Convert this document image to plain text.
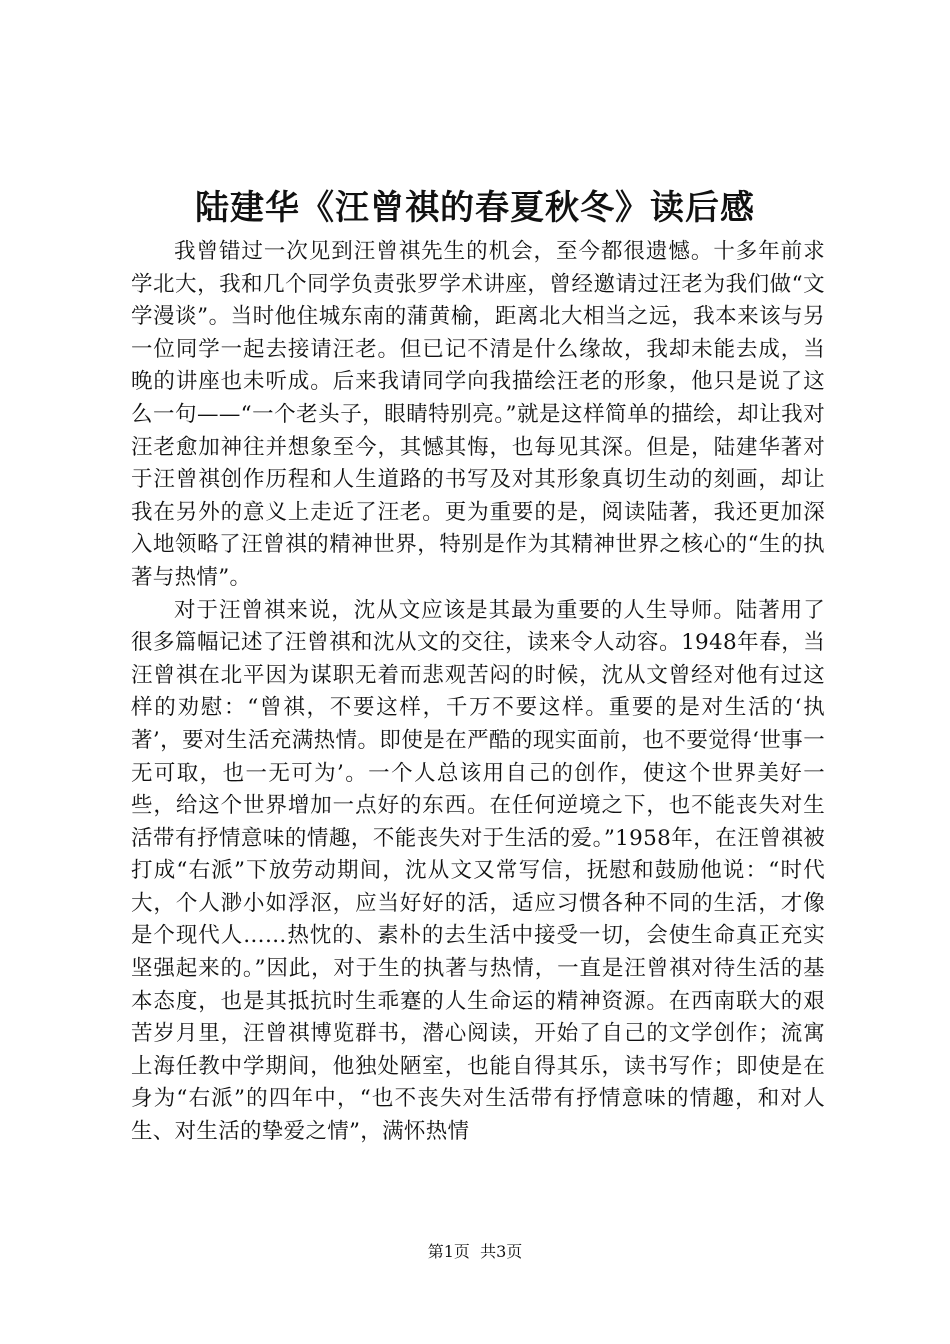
陆建华《汪曾祺的春夏秋冬》读后感

我曾错过一次见到汪曾祺先生的机会，至今都很遗憾。十多年前求学北大，我和几个同学负责张罗学术讲座，曾经邀请过汪老为我们做“文学漫谈”。当时他住城东南的蒲黄榆，距离北大相当之远，我本来该与另一位同学一起去接请汪老。但已记不清是什么缘故，我却未能去成，当晚的讲座也未听成。后来我请同学向我描绘汪老的形象，他只是说了这么一句——“一个老头子，眼睛特别亮。”就是这样简单的描绘，却让我对汪老愈加神往并想象至今，其憾其悔，也每见其深。但是，陆建华著对于汪曾祺创作历程和人生道路的书写及对其形象真切生动的刻画，却让我在另外的意义上走近了汪老。更为重要的是，阅读陆著，我还更加深入地领略了汪曾祺的精神世界，特别是作为其精神世界之核心的“生的执著与热情”。

对于汪曾祺来说，沈从文应该是其最为重要的人生导师。陆著用了很多篇幅记述了汪曾祺和沈从文的交往，读来令人动容。1948年春，当汪曾祺在北平因为谋职无着而悲观苦闷的时候，沈从文曾经对他有过这样的劝慰：“曾祺，不要这样，千万不要这样。重要的是对生活的‘执著’，要对生活充满热情。即使是在严酷的现实面前，也不要觉得‘世事一无可取，也一无可为’。一个人总该用自己的创作，使这个世界美好一些，给这个世界增加一点好的东西。在任何逆境之下，也不能丧失对生活带有抒情意味的情趣，不能丧失对于生活的爱。”1958年，在汪曾祺被打成“右派”下放劳动期间，沈从文又常写信，抚慰和鼓励他说：“时代大，个人渺小如浮沤，应当好好的活，适应习惯各种不同的生活，才像是个现代人……热忱的、素朴的去生活中接受一切，会使生命真正充实坚强起来的。”因此，对于生的执著与热情，一直是汪曾祺对待生活的基本态度，也是其抵抗时生乖蹇的人生命运的精神资源。在西南联大的艰苦岁月里，汪曾祺博览群书，潜心阅读，开始了自己的文学创作；流寓上海任教中学期间，他独处陋室，也能自得其乐，读书写作；即使是在身为“右派”的四年中，“也不丧失对生活带有抒情意味的情趣，和对人生、对生活的挚爱之情”，满怀热情

第1页 共3页
